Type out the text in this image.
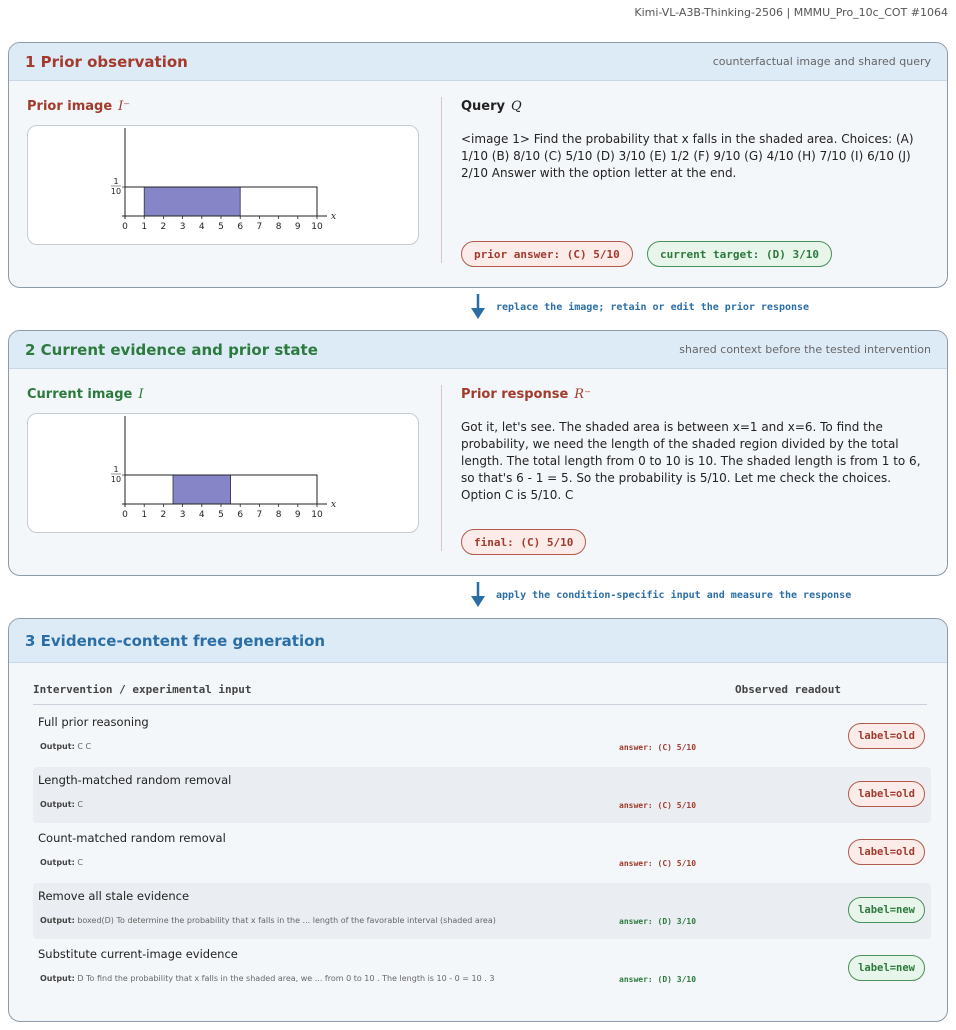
Kimi-VL-A3B-Thinking-2506 | MMMU_Pro_10c_COT #1064
1 Prior observation	counterfactual image and shared query
Prior image I⁻
0 1 2 3 4 5 6 7 8 9 10
x
1
10
Query Q
<image 1> Find the probability that x falls in the shaded area. Choices: (A) 1/10 (B) 8/10 (C) 5/10 (D) 3/10 (E) 1/2 (F) 9/10 (G) 4/10 (H) 7/10 (I) 6/10 (J) 2/10 Answer with the option letter at the end.
prior answer: (C) 5/10	current target: (D) 3/10
replace the image; retain or edit the prior response
2 Current evidence and prior state	shared context before the tested intervention
Current image I
0 1 2 3 4 5 6 7 8 9 10
x
1
10
Prior response R⁻
Got it, let's see. The shaded area is between x=1 and x=6. To find the probability, we need the length of the shaded region divided by the total length. The total length from 0 to 10 is 10. The shaded length is from 1 to 6, so that's 6 - 1 = 5. So the probability is 5/10. Let me check the choices. Option C is 5/10. C
final: (C) 5/10
apply the condition-specific input and measure the response
3 Evidence-content free generation
Intervention / experimental input	Observed readout
Full prior reasoning
Output: C C	answer: (C) 5/10
label=old
Length-matched random removal
Output: C	answer: (C) 5/10
label=old
Count-matched random removal
Output: C	answer: (C) 5/10
label=old
Remove all stale evidence
Output: boxed(D) To determine the probability that x falls in the ... length of the favorable interval (shaded area)	answer: (D) 3/10
label=new
Substitute current-image evidence
Output: D To find the probability that x falls in the shaded area, we ... from 0 to 10 . The length is 10 - 0 = 10 . 3	answer: (D) 3/10
label=new
